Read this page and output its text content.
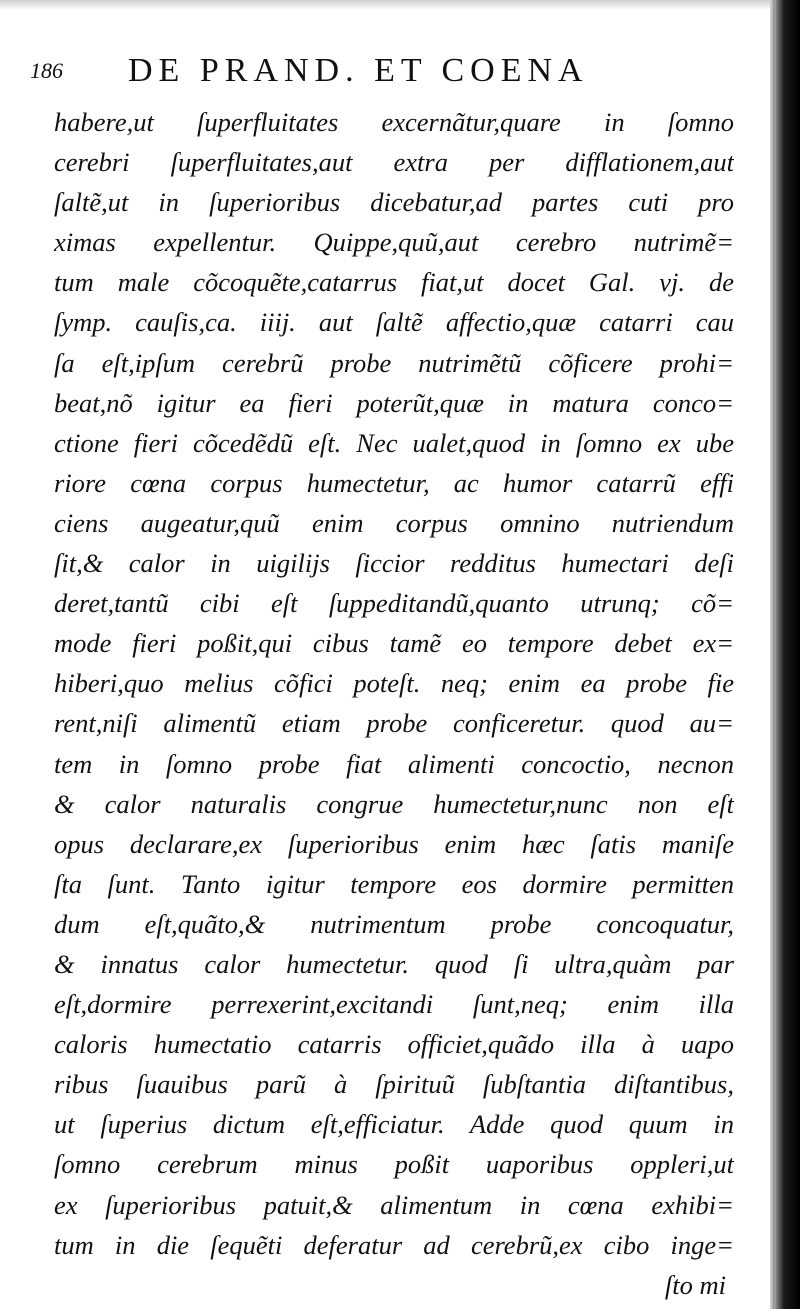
186 DE PRAND. ET COENA
habere,ut ſuperfluitates excernãtur,quare in ſomno
cerebri ſuperfluitates,aut extra per difflationem,aut
ſaltẽ,ut in ſuperioribus dicebatur,ad partes cuti pro
ximas expellentur. Quippe,quũ,aut cerebro nutrimẽ=
tum male cõcoquẽte,catarrus fiat,ut docet Gal. vj. de
ſymp. cauſis,ca. iiij. aut ſaltẽ affectio,quæ catarri cau
ſa eſt,ipſum cerebrũ probe nutrimẽtũ cõficere prohi=
beat,nõ igitur ea fieri poterũt,quæ in matura conco=
ctione fieri cõcedẽdũ eſt. Nec ualet,quod in ſomno ex ube
riore cœna corpus humectetur, ac humor catarrũ effi
ciens augeatur,quũ enim corpus omnino nutriendum
ſit,& calor in uigilijs ſiccior redditus humectari deſi
deret,tantũ cibi eſt ſuppeditandũ,quanto utrunq; cõ=
mode fieri poßit,qui cibus tamẽ eo tempore debet ex=
hiberi,quo melius cõfici poteſt. neq; enim ea probe fie
rent,niſi alimentũ etiam probe conficeretur. quod au=
tem in ſomno probe fiat alimenti concoctio, necnon
& calor naturalis congrue humectetur,nunc non eſt
opus declarare,ex ſuperioribus enim hæc ſatis maniſe
ſta ſunt. Tanto igitur tempore eos dormire permitten
dum eſt,quãto,& nutrimentum probe concoquatur,
& innatus calor humectetur. quod ſi ultra,quàm par
eſt,dormire perrexerint,excitandi ſunt,neq; enim illa
caloris humectatio catarris officiet,quãdo illa à uapo
ribus ſuauibus parũ à ſpirituũ ſubſtantia diſtantibus,
ut ſuperius dictum eſt,efficiatur. Adde quod quum in
ſomno cerebrum minus poßit uaporibus oppleri,ut
ex ſuperioribus patuit,& alimentum in cœna exhibi=
tum in die ſequẽti deferatur ad cerebrũ,ex cibo inge=
ſto mi
